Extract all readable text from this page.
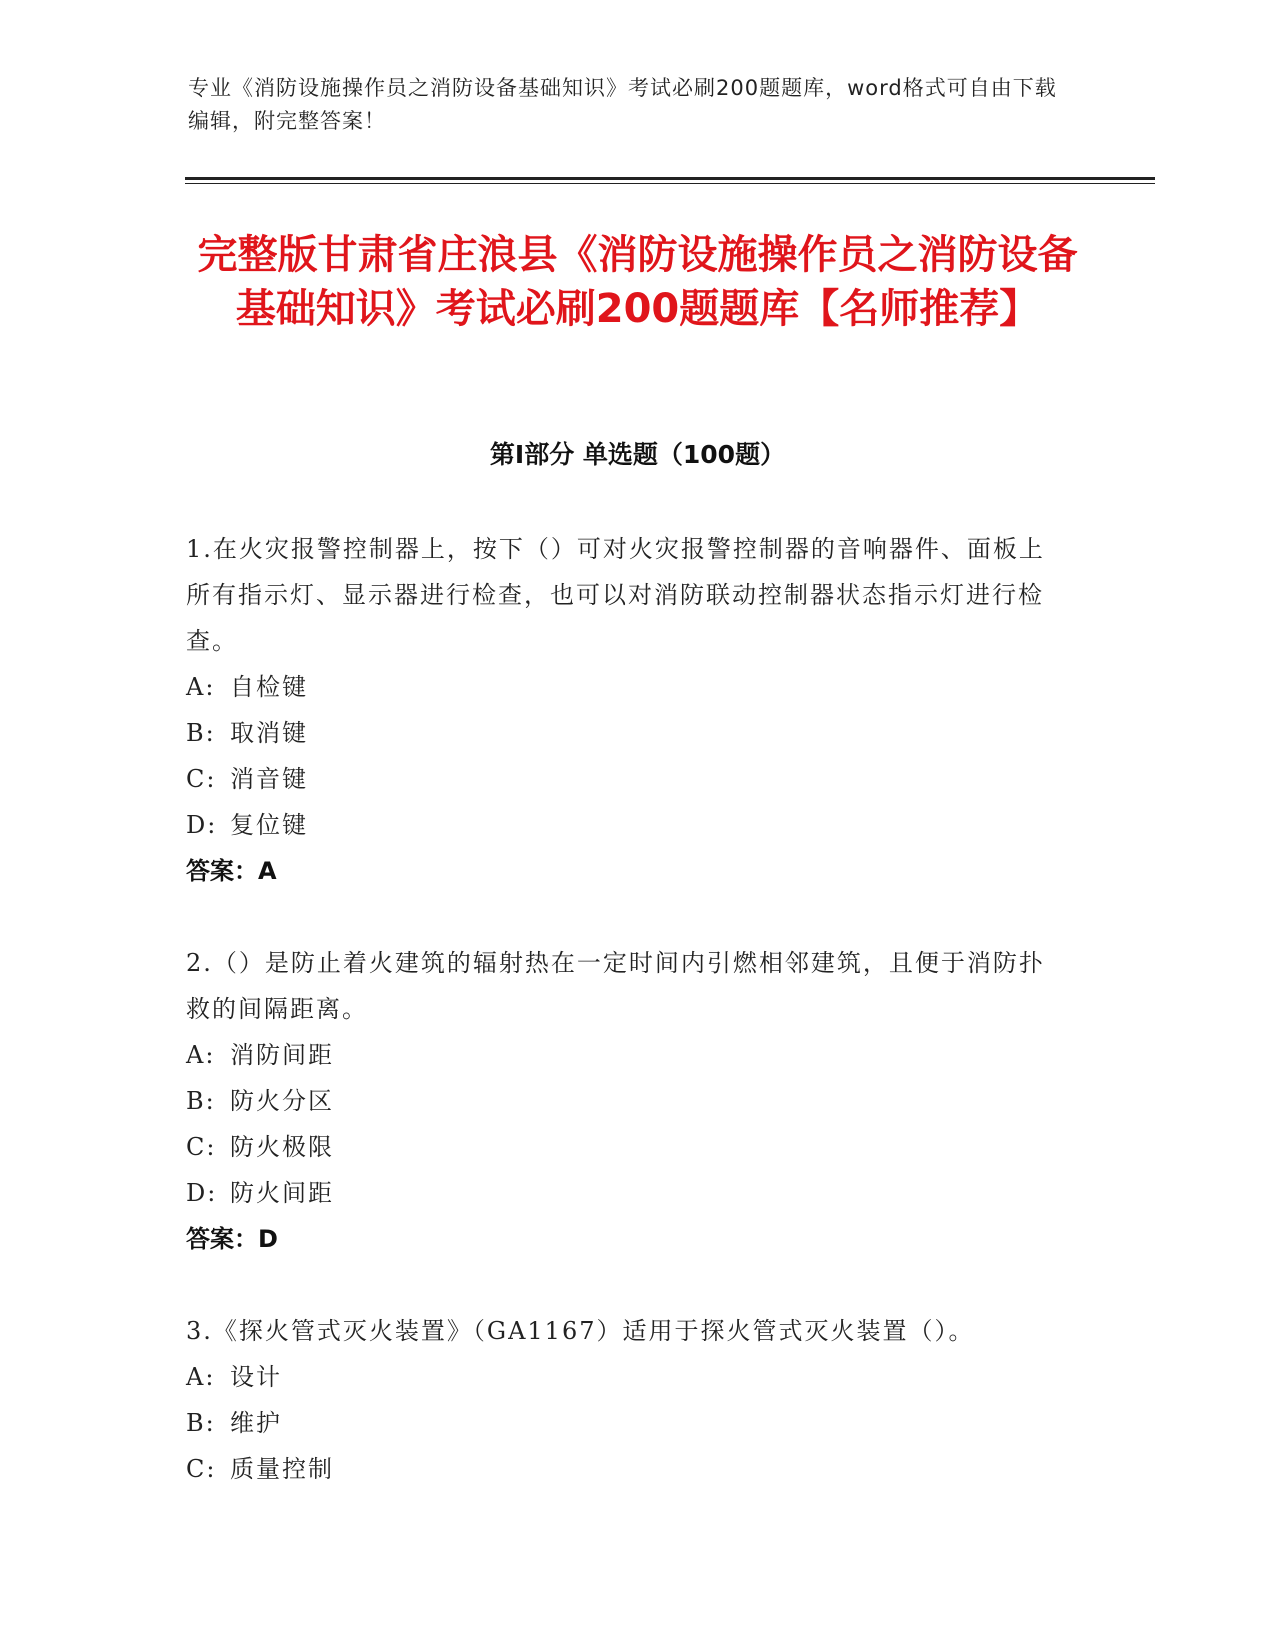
专业《消防设施操作员之消防设备基础知识》考试必刷200题题库，word格式可自由下载编辑，附完整答案！
完整版甘肃省庄浪县《消防设施操作员之消防设备基础知识》考试必刷200题题库【名师推荐】
第I部分 单选题（100题）
1.在火灾报警控制器上，按下（）可对火灾报警控制器的音响器件、面板上所有指示灯、显示器进行检查，也可以对消防联动控制器状态指示灯进行检查。
A: 自检键
B: 取消键
C: 消音键
D: 复位键
答案：A
2.（）是防止着火建筑的辐射热在一定时间内引燃相邻建筑，且便于消防扑救的间隔距离。
A: 消防间距
B: 防火分区
C: 防火极限
D: 防火间距
答案：D
3.《探火管式灭火装置》（GA1167）适用于探火管式灭火装置（）。
A: 设计
B: 维护
C: 质量控制
